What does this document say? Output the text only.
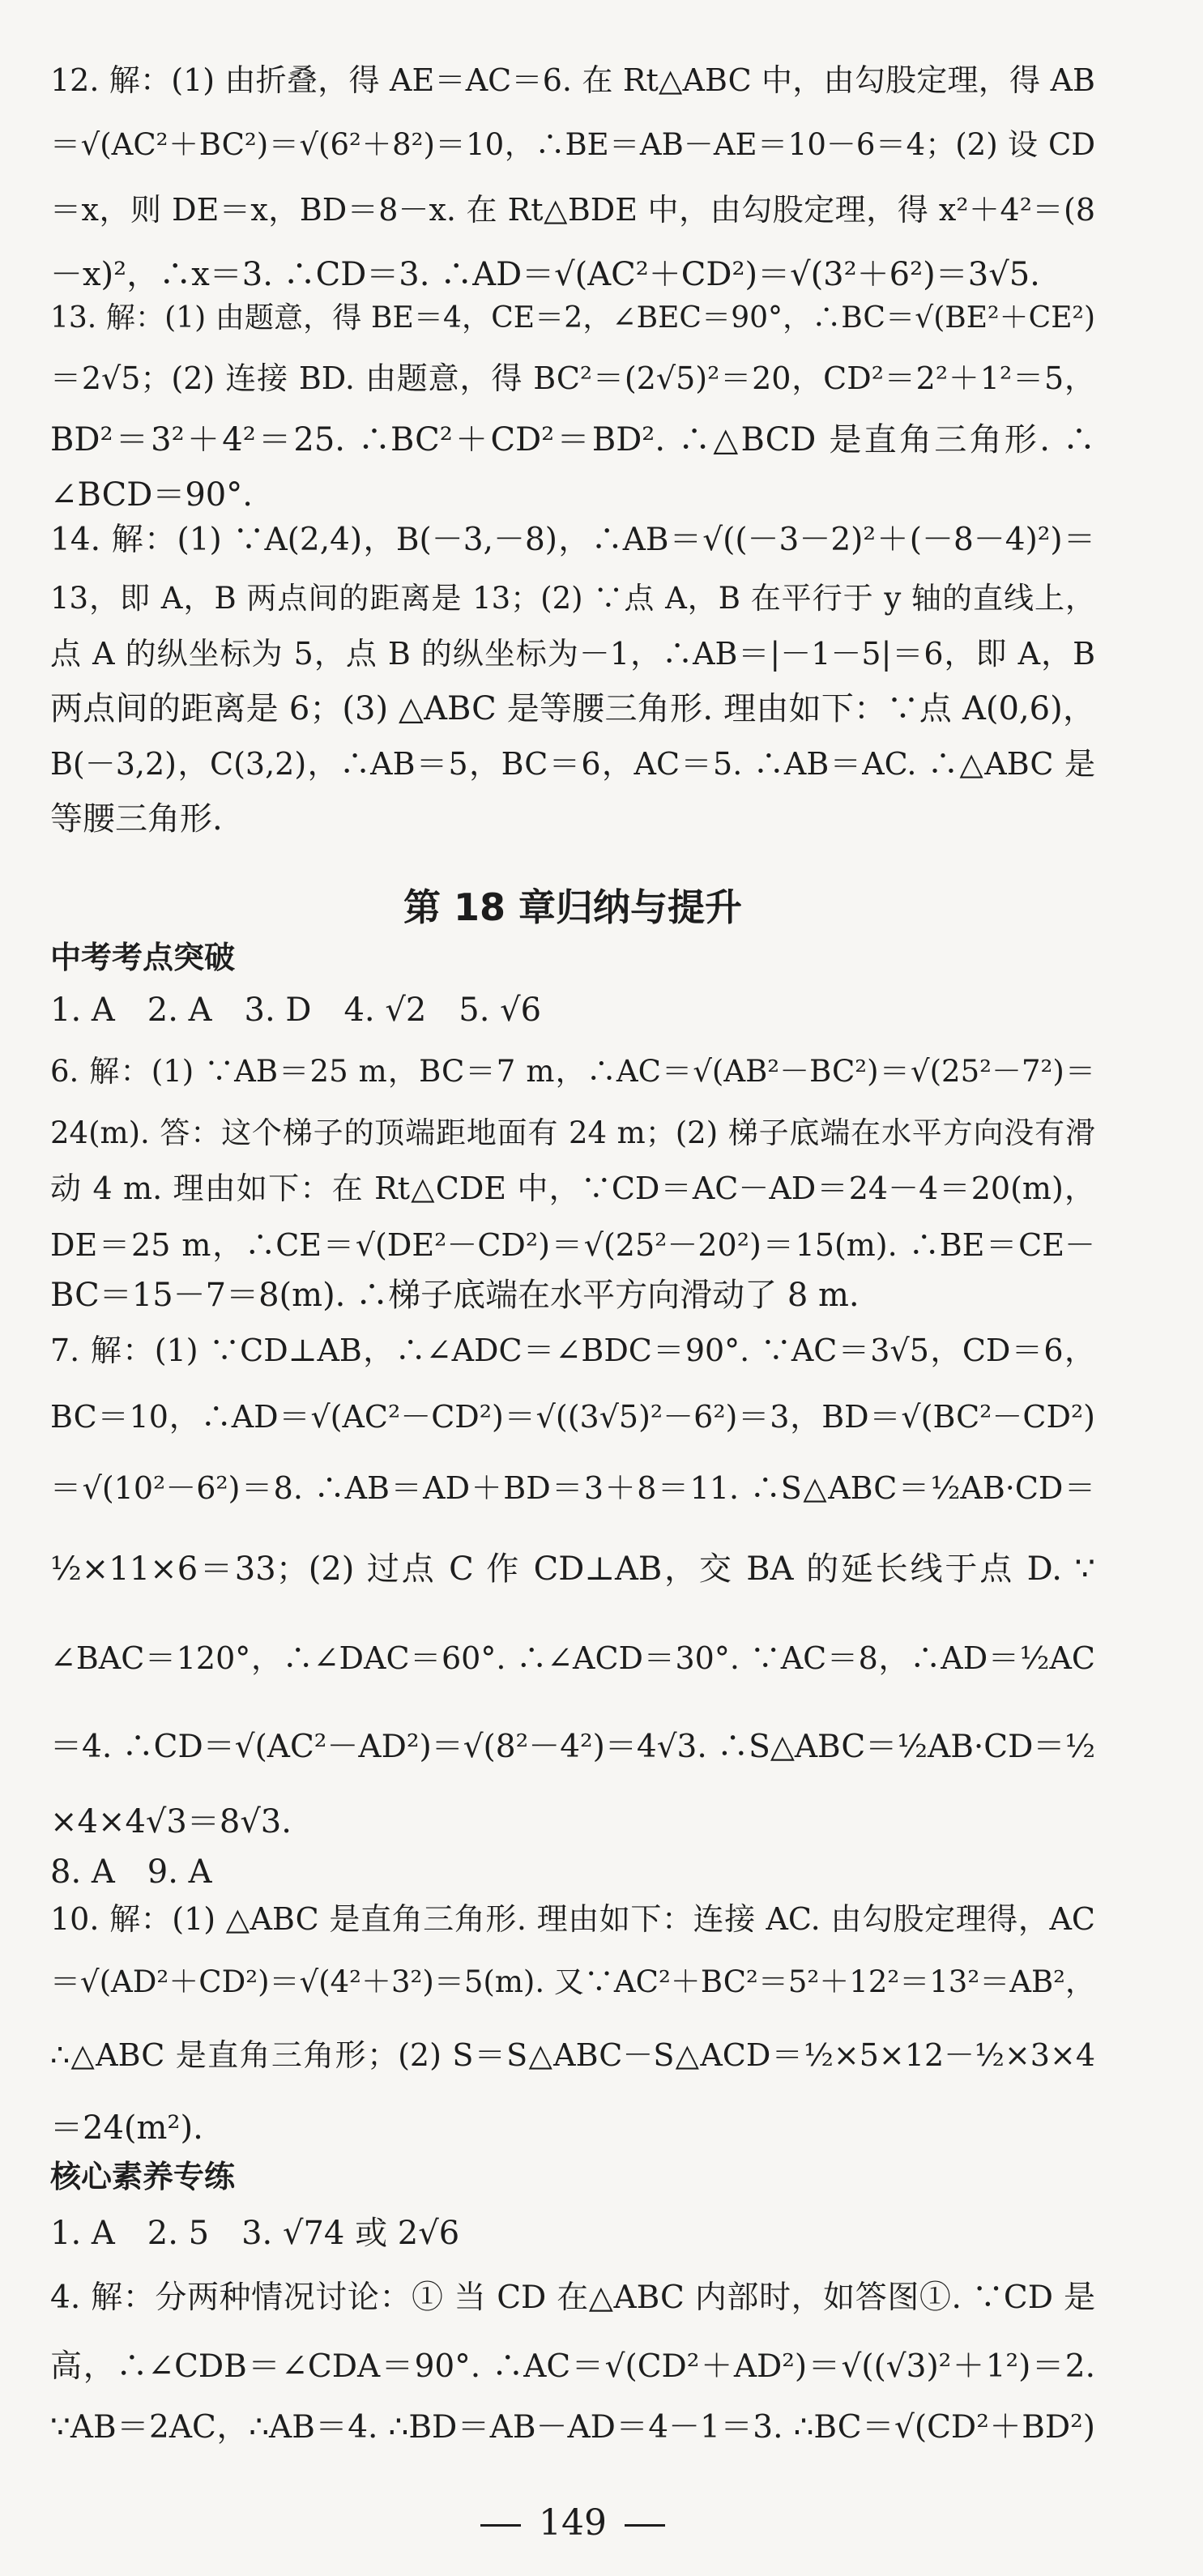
12. 解：(1) 由折叠，得 AE＝AC＝6. 在 Rt△ABC 中，由勾股定理，得 AB
＝√(AC²＋BC²)＝√(6²＋8²)＝10，∴BE＝AB－AE＝10－6＝4；(2) 设 CD
＝x，则 DE＝x，BD＝8－x. 在 Rt△BDE 中，由勾股定理，得 x²＋4²＝(8
－x)²，∴x＝3. ∴CD＝3. ∴AD＝√(AC²＋CD²)＝√(3²＋6²)＝3√5.
13. 解：(1) 由题意，得 BE＝4，CE＝2，∠BEC＝90°，∴BC＝√(BE²＋CE²)
＝2√5；(2) 连接 BD. 由题意，得 BC²＝(2√5)²＝20，CD²＝2²＋1²＝5，
BD²＝3²＋4²＝25. ∴BC²＋CD²＝BD². ∴△BCD 是直角三角形. ∴
∠BCD＝90°.
14. 解：(1) ∵A(2,4)，B(－3,－8)，∴AB＝√((－3－2)²＋(－8－4)²)＝
13，即 A，B 两点间的距离是 13；(2) ∵点 A，B 在平行于 y 轴的直线上，
点 A 的纵坐标为 5，点 B 的纵坐标为－1，∴AB＝|－1－5|＝6，即 A，B
两点间的距离是 6；(3) △ABC 是等腰三角形. 理由如下：∵点 A(0,6)，
B(－3,2)，C(3,2)，∴AB＝5，BC＝6，AC＝5. ∴AB＝AC. ∴△ABC 是
等腰三角形.
第 18 章归纳与提升
中考考点突破
1. A　2. A　3. D　4. √2　5. √6
6. 解：(1) ∵AB＝25 m，BC＝7 m，∴AC＝√(AB²－BC²)＝√(25²－7²)＝
24(m). 答：这个梯子的顶端距地面有 24 m；(2) 梯子底端在水平方向没有滑
动 4 m. 理由如下：在 Rt△CDE 中，∵CD＝AC－AD＝24－4＝20(m)，
DE＝25 m，∴CE＝√(DE²－CD²)＝√(25²－20²)＝15(m). ∴BE＝CE－
BC＝15－7＝8(m). ∴梯子底端在水平方向滑动了 8 m.
7. 解：(1) ∵CD⊥AB，∴∠ADC＝∠BDC＝90°. ∵AC＝3√5，CD＝6，
BC＝10，∴AD＝√(AC²－CD²)＝√((3√5)²－6²)＝3，BD＝√(BC²－CD²)
＝√(10²－6²)＝8. ∴AB＝AD＋BD＝3＋8＝11. ∴S△ABC＝½AB·CD＝
½×11×6＝33；(2) 过点 C 作 CD⊥AB，交 BA 的延长线于点 D. ∵
∠BAC＝120°，∴∠DAC＝60°. ∴∠ACD＝30°. ∵AC＝8，∴AD＝½AC
＝4. ∴CD＝√(AC²－AD²)＝√(8²－4²)＝4√3. ∴S△ABC＝½AB·CD＝½
×4×4√3＝8√3.
8. A　9. A
10. 解：(1) △ABC 是直角三角形. 理由如下：连接 AC. 由勾股定理得，AC
＝√(AD²＋CD²)＝√(4²＋3²)＝5(m). 又∵AC²＋BC²＝5²＋12²＝13²＝AB²，
∴△ABC 是直角三角形；(2) S＝S△ABC－S△ACD＝½×5×12－½×3×4
＝24(m²).
核心素养专练
1. A　2. 5　3. √74 或 2√6
4. 解：分两种情况讨论：① 当 CD 在△ABC 内部时，如答图①. ∵CD 是
高，∴∠CDB＝∠CDA＝90°. ∴AC＝√(CD²＋AD²)＝√((√3)²＋1²)＝2.
∵AB＝2AC，∴AB＝4. ∴BD＝AB－AD＝4－1＝3. ∴BC＝√(CD²＋BD²)
149
